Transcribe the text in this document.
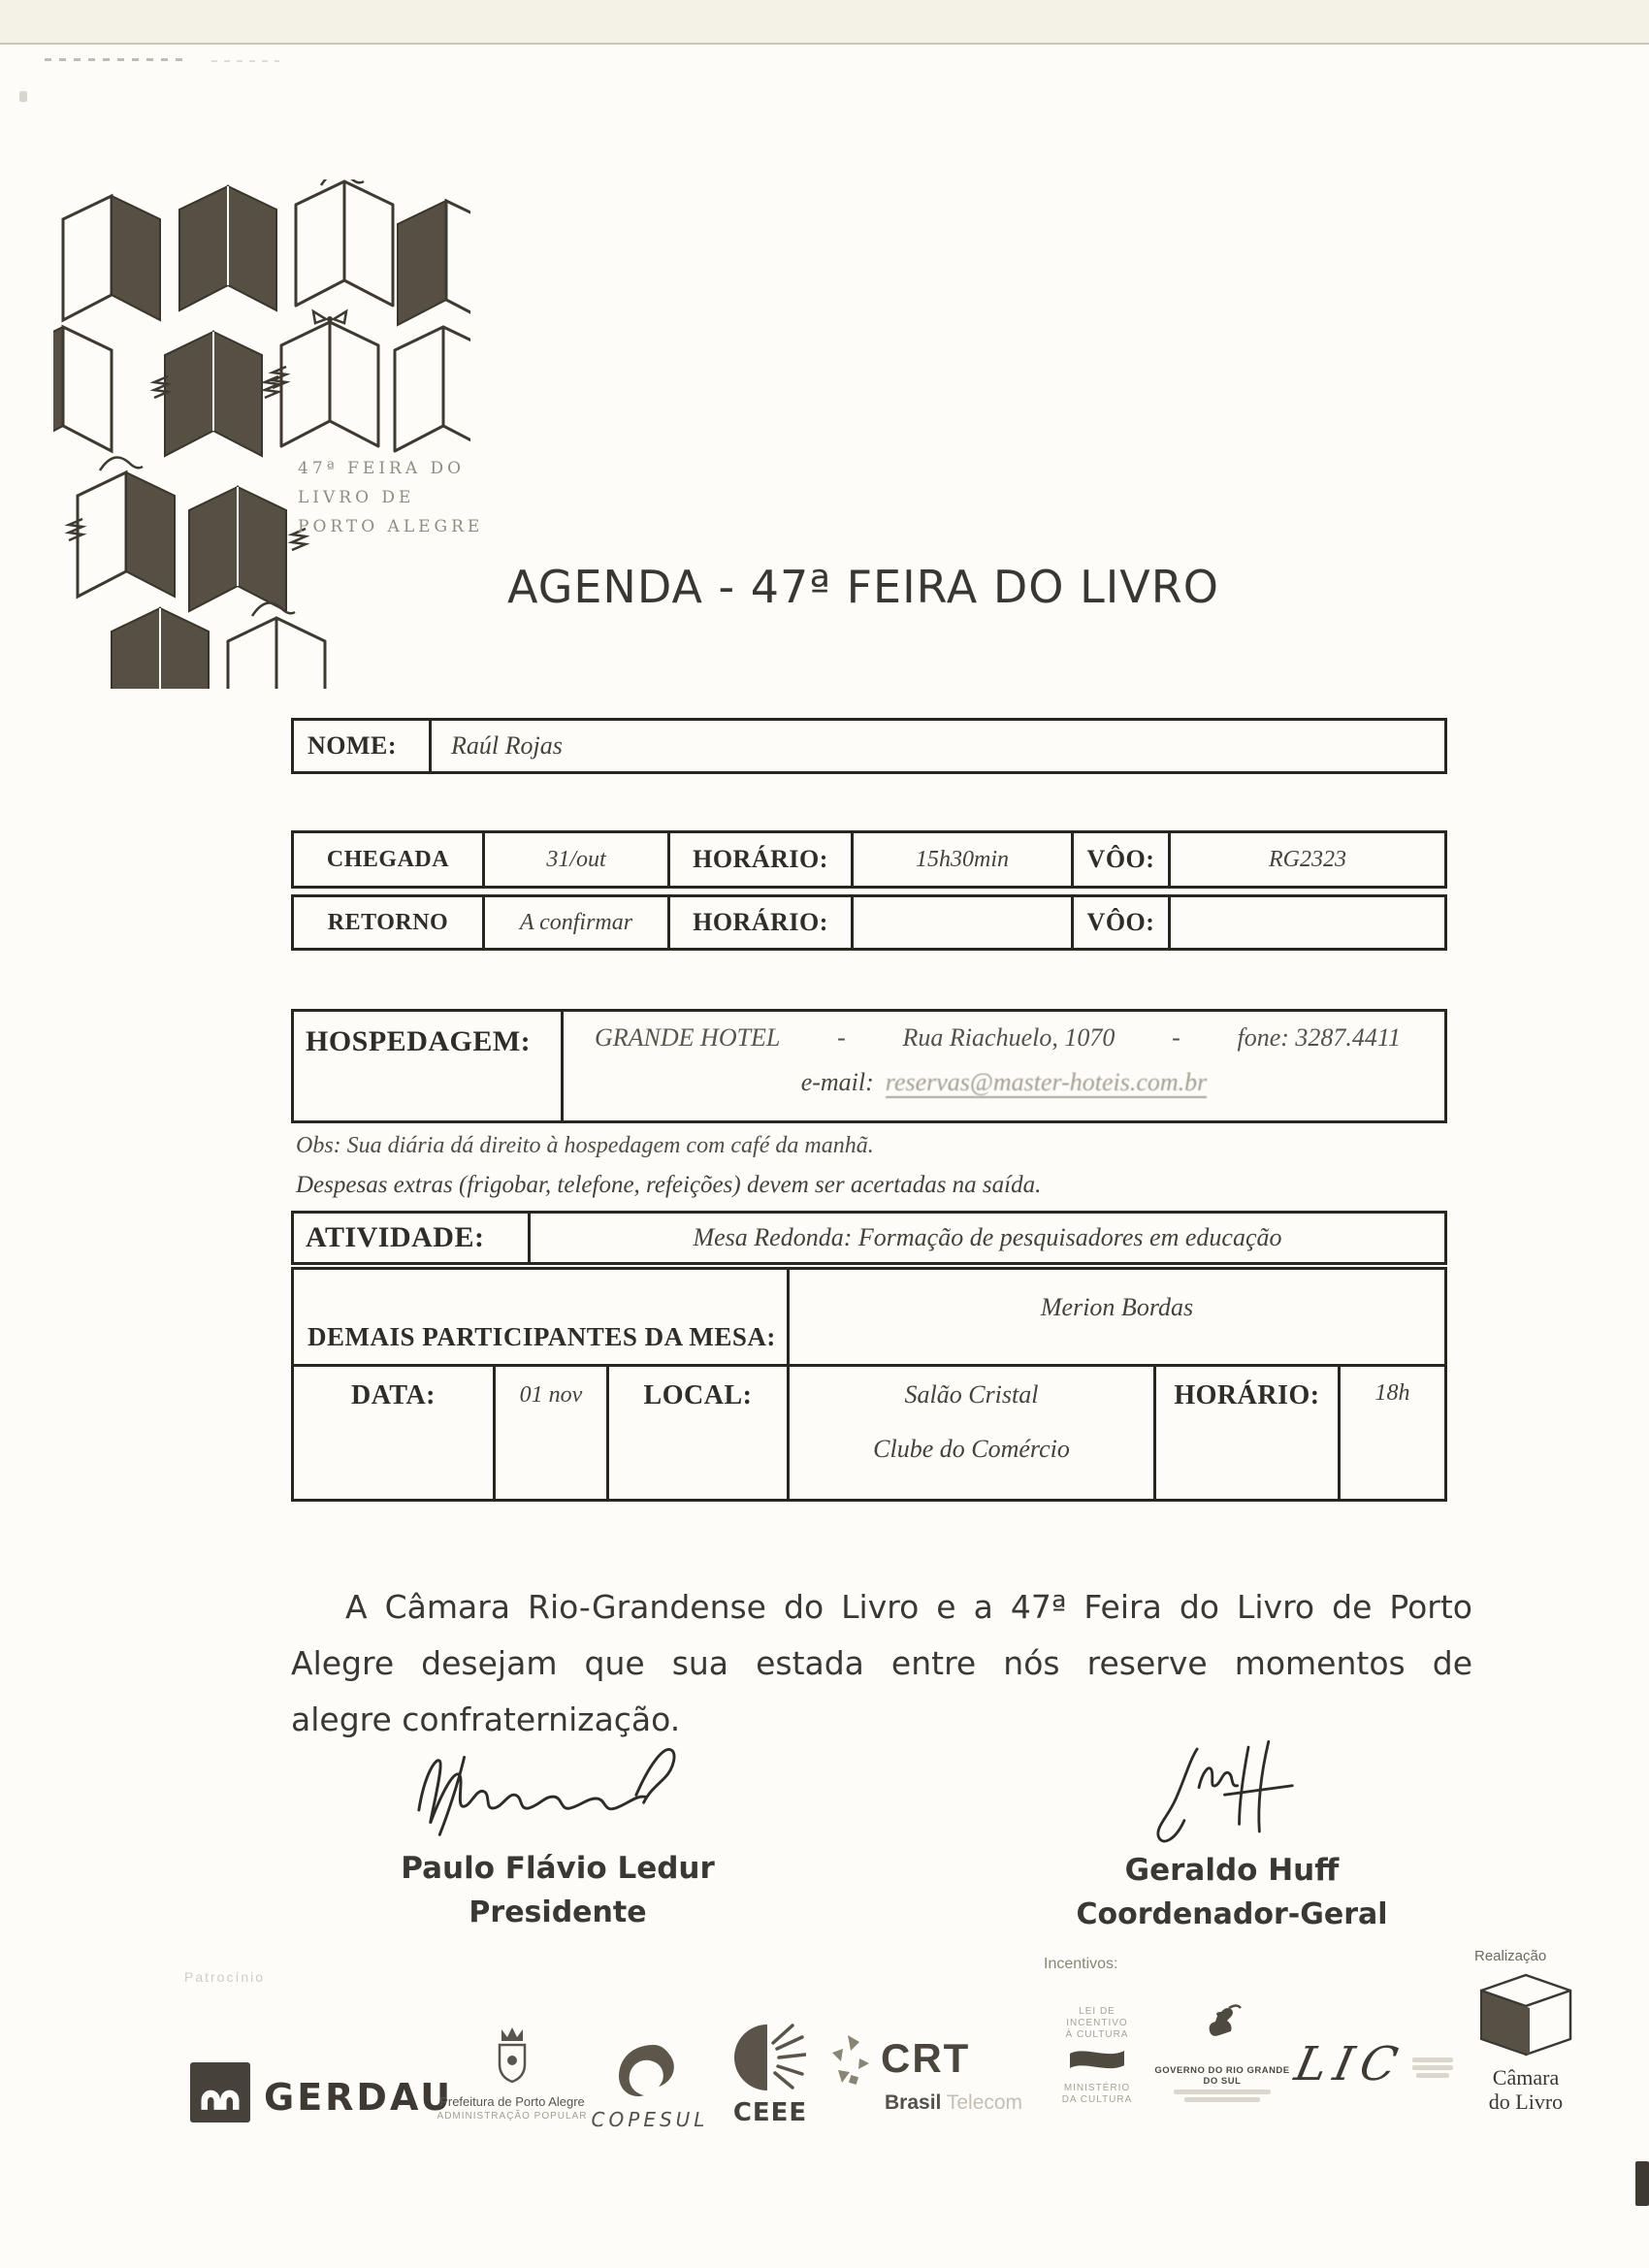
47ª FEIRA DO
LIVRO DE
PORTO ALEGRE
AGENDA - 47ª FEIRA DO LIVRO
NOME:	Raúl Rojas
CHEGADA	31/out	HORÁRIO:	15h30min	VÔO:	RG2323
RETORNO	A confirmar	HORÁRIO:	VÔO:
HOSPEDAGEM:	GRANDE HOTEL - Rua Riachuelo, 1070 - fone: 3287.4411
e-mail: reservas@master-hoteis.com.br
Obs: Sua diária dá direito à hospedagem com café da manhã.
Despesas extras (frigobar, telefone, refeições) devem ser acertadas na saída.
ATIVIDADE:	Mesa Redonda: Formação de pesquisadores em educação
DEMAIS PARTICIPANTES DA MESA:
Merion Bordas
DATA:	01 nov	LOCAL:	Salão Cristal
Clube do Comércio
HORÁRIO:	18h
A Câmara Rio-Grandense do Livro e a 47ª Feira do Livro de Porto
Alegre desejam que sua estada entre nós reserve momentos de
alegre confraternização.
Paulo Flávio Ledur
Presidente
Geraldo Huff
Coordenador-Geral
Patrocínio
Incentivos:	Realização
GERDAU
Prefeitura de Porto Alegre
ADMINISTRAÇÃO POPULAR COPESUL CEEE
CRT
Brasil Telecom
LEI DE
INCENTIVO
À CULTURA
MINISTÉRIO
DA CULTURA
GOVERNO DO RIO GRANDE DO SUL	LIC	Câmara
do Livro
